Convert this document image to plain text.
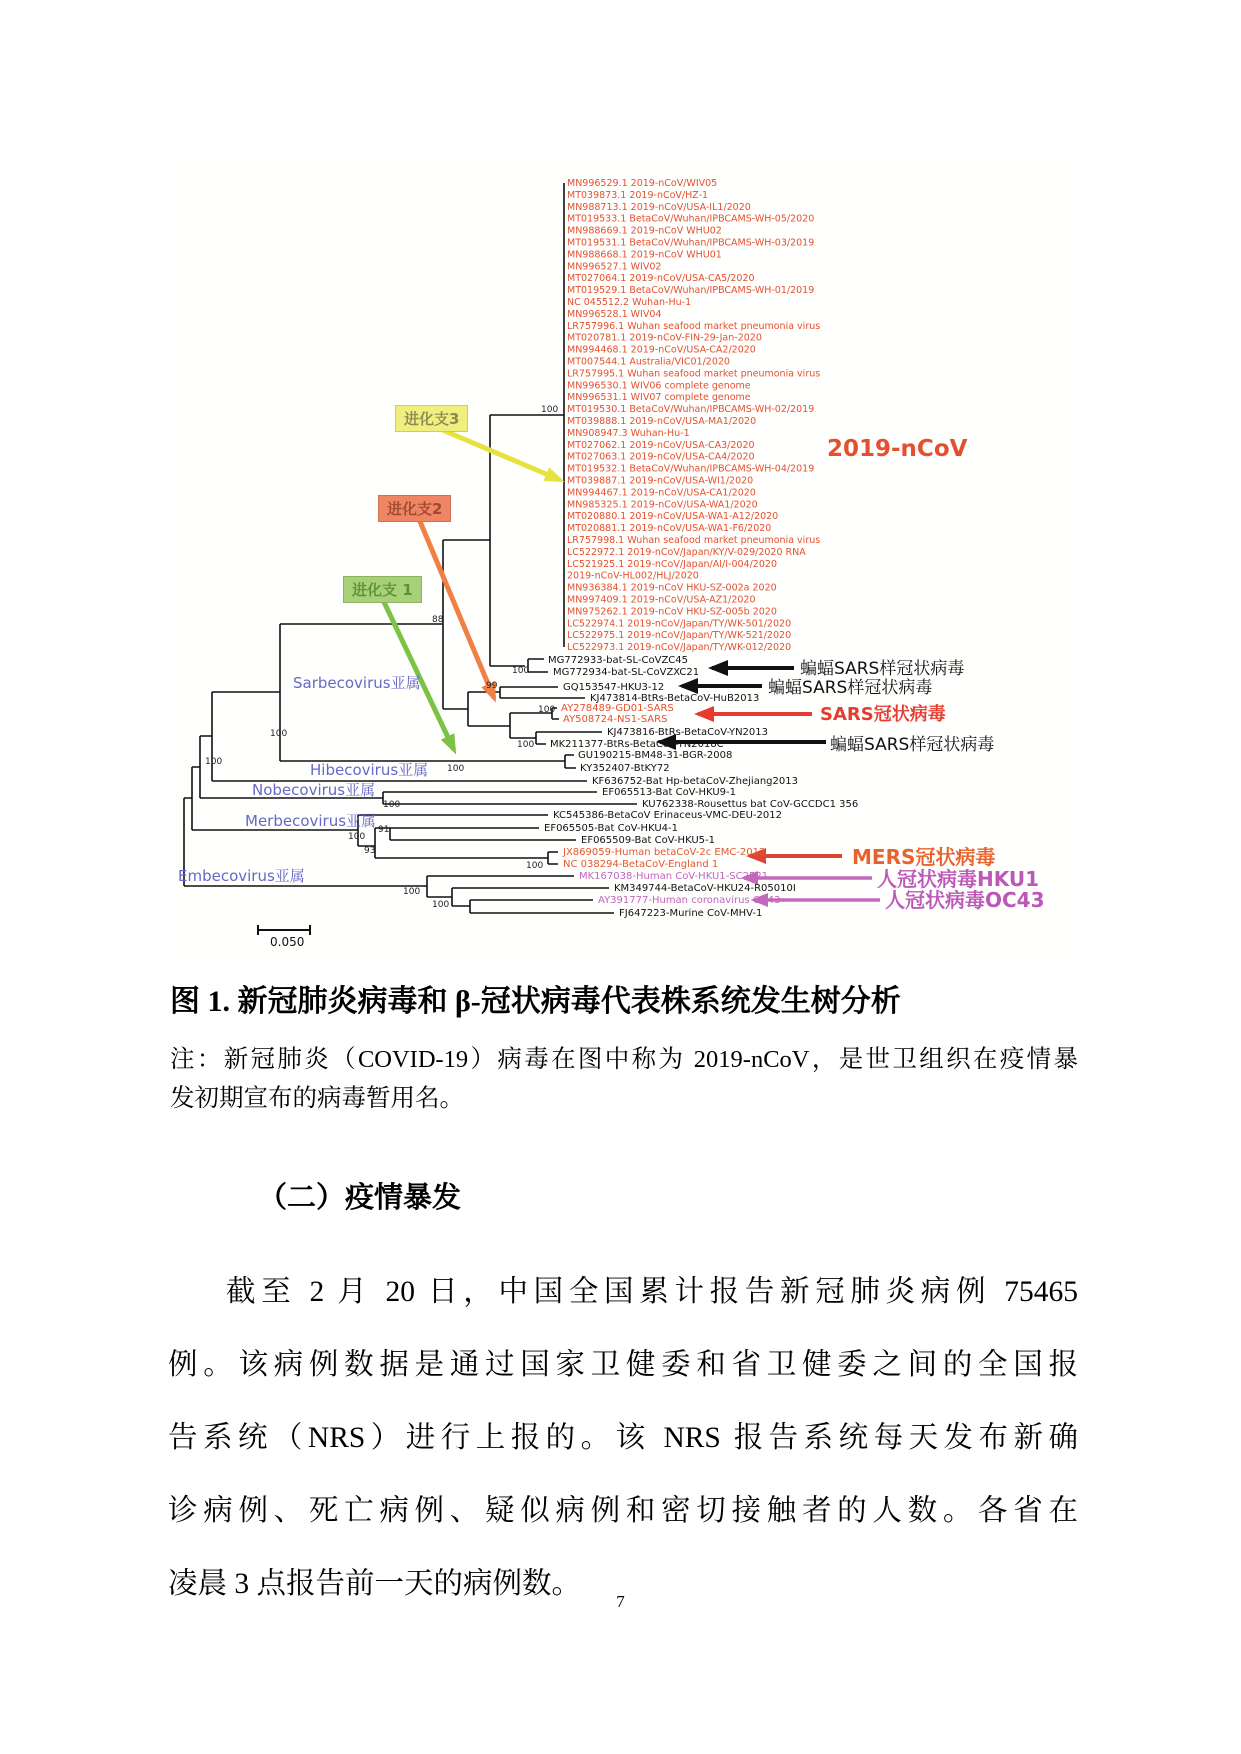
0.050
MN996529.1 2019-nCoV/WIV05
MT039873.1 2019-nCoV/HZ-1
MN988713.1 2019-nCoV/USA-IL1/2020
MT019533.1 BetaCoV/Wuhan/IPBCAMS-WH-05/2020
MN988669.1 2019-nCoV WHU02
MT019531.1 BetaCoV/Wuhan/IPBCAMS-WH-03/2019
MN988668.1 2019-nCoV WHU01
MN996527.1 WIV02
MT027064.1 2019-nCoV/USA-CA5/2020
MT019529.1 BetaCoV/Wuhan/IPBCAMS-WH-01/2019
NC 045512.2 Wuhan-Hu-1
MN996528.1 WIV04
LR757996.1 Wuhan seafood market pneumonia virus
MT020781.1 2019-nCoV-FIN-29-Jan-2020
MN994468.1 2019-nCoV/USA-CA2/2020
MT007544.1 Australia/VIC01/2020
LR757995.1 Wuhan seafood market pneumonia virus
MN996530.1 WIV06 complete genome
MN996531.1 WIV07 complete genome
MT019530.1 BetaCoV/Wuhan/IPBCAMS-WH-02/2019
MT039888.1 2019-nCoV/USA-MA1/2020
MN908947.3 Wuhan-Hu-1
MT027062.1 2019-nCoV/USA-CA3/2020
MT027063.1 2019-nCoV/USA-CA4/2020
MT019532.1 BetaCoV/Wuhan/IPBCAMS-WH-04/2019
MT039887.1 2019-nCoV/USA-WI1/2020
MN994467.1 2019-nCoV/USA-CA1/2020
MN985325.1 2019-nCoV/USA-WA1/2020
MT020880.1 2019-nCoV/USA-WA1-A12/2020
MT020881.1 2019-nCoV/USA-WA1-F6/2020
LR757998.1 Wuhan seafood market pneumonia virus
LC522972.1 2019-nCoV/Japan/KY/V-029/2020 RNA
LC521925.1 2019-nCoV/Japan/AI/I-004/2020
2019-nCoV-HL002/HLJ/2020
MN936384.1 2019-nCoV HKU-SZ-002a 2020
MN997409.1 2019-nCoV/USA-AZ1/2020
MN975262.1 2019-nCoV HKU-SZ-005b 2020
LC522974.1 2019-nCoV/Japan/TY/WK-501/2020
LC522975.1 2019-nCoV/Japan/TY/WK-521/2020
LC522973.1 2019-nCoV/Japan/TY/WK-012/2020
MG772933-bat-SL-CoVZC45
MG772934-bat-SL-CoVZXC21
GQ153547-HKU3-12
KJ473814-BtRs-BetaCoV-HuB2013
AY278489-GD01-SARS
AY508724-NS1-SARS
KJ473816-BtRs-BetaCoV-YN2013
MK211377-BtRs-BetaCoV-YN2018C
GU190215-BM48-31-BGR-2008
KY352407-BtKY72
KF636752-Bat Hp-betaCoV-Zhejiang2013
EF065513-Bat CoV-HKU9-1
KU762338-Rousettus bat CoV-GCCDC1 356
KC545386-BetaCoV Erinaceus-VMC-DEU-2012
EF065505-Bat CoV-HKU4-1
EF065509-Bat CoV-HKU5-1
JX869059-Human betaCoV-2c EMC-2012
NC 038294-BetaCoV-England 1
MK167038-Human CoV-HKU1-SC2521
KM349744-BetaCoV-HKU24-R05010I
AY391777-Human coronavirus OC43
FJ647223-Murine CoV-MHV-1
100
100
88
99
100
100
100
100
100
100
91
100
93
100
100
100
Sarbecovirus亚属
Hibecovirus亚属
Nobecovirus亚属
Merbecovirus亚属
Embecovirus亚属
2019-nCoV
蝙蝠SARS样冠状病毒
蝙蝠SARS样冠状病毒
SARS冠状病毒
蝙蝠SARS样冠状病毒
MERS冠状病毒
人冠状病毒HKU1
人冠状病毒OC43
进化支3
进化支2
进化支 1
图 1. 新冠肺炎病毒和 β-冠状病毒代表株系统发生树分析
注：新冠肺炎（COVID-19）病毒在图中称为 2019-nCoV，是世卫组织在疫情暴
发初期宣布的病毒暂用名。
（二）疫情暴发
截至 2 月 20 日，中国全国累计报告新冠肺炎病例 75465
例。该病例数据是通过国家卫健委和省卫健委之间的全国报
告系统（NRS）进行上报的。该 NRS 报告系统每天发布新确
诊病例、死亡病例、疑似病例和密切接触者的人数。各省在
凌晨 3 点报告前一天的病例数。
7
